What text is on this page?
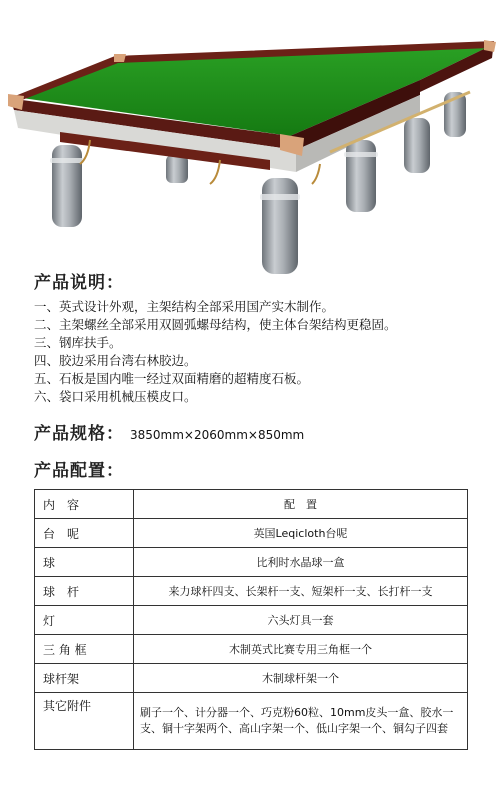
产品说明：
一、英式设计外观，主架结构全部采用国产实木制作。
二、主架螺丝全部采用双圆弧螺母结构，使主体台架结构更稳固。
三、钢库扶手。
四、胶边采用台湾右林胶边。
五、石板是国内唯一经过双面精磨的超精度石板。
六、袋口采用机械压模皮口。
产品规格： 3850mm×2060mm×850mm
产品配置：
内　容	配　置
台　呢	英国Leqicloth台呢
球	比利时水晶球一盒
球　杆	来力球杆四支、长架杆一支、短架杆一支、长打杆一支
灯	六头灯具一套
三 角 框	木制英式比赛专用三角框一个
球杆架	木制球杆架一个
其它附件	刷子一个、计分器一个、巧克粉60粒、10mm皮头一盒、胶水一支、铜十字架两个、高山字架一个、低山字架一个、铜勾子四套
